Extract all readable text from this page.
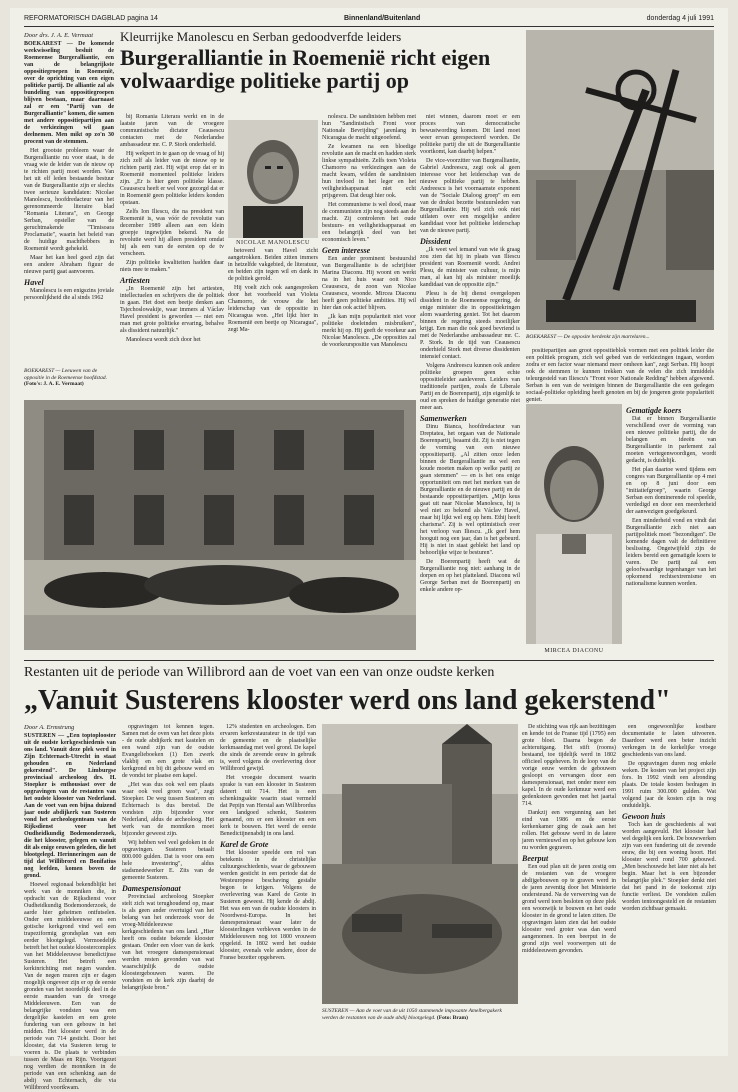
REFORMATORISCH DAGBLAD pagina 14	Binnenland/Buitenland	donderdag 4 juli 1991
Kleurrijke Manolescu en Serban gedoodverfde leiders
Burgeralliantie in Roemenië richt eigen volwaardige politieke partij op
Door drs. J. A. E. Vermaat

BOEKAREST — De komende weekwisseling besluit de Roemeense Burgeralliantie, een van de belangrijkste oppositiegroepen in Roemenië, over de oprichting van een eigen politieke partij. De alliantie zal als bundeling van oppositiegroepen blijven bestaan, maar daarnaast zal er een "Partij van de Burgeralliantie" komen, die samen met andere oppositiepartijen aan de verkiezingen wil gaan deelnemen. Men mikt op zo'n 30 procent van de stemmen.

Het grootste probleem waar de Burgeralliantie nu voor staat, is de vraag wie de leider van de nieuw op te richten partij moet worden. Van het uit elf leden bestaande bestuur van de Burgeralliantie zijn er slechts twee serieuze kandidaten: Nicolae Manolescu, hoofdredacteur van het gerenommeerde literaire blad "Romania Literara", en George Serban, opsteller van de geruchtmakende "Timisoara Proclamatie", waarin het beleid van de huidige machthebbers in Roemenië wordt gehekeld.

Maar het kan heel goed zijn dat een andere Abraham figuur de nieuwe partij gaat aanvoeren.

Havel

Manolescu is een enigszins joviale persoonlijkheid die al sinds 1962

BOEKAREST — Leeuwen van de oppositie in de Roemeense hoofdstad. (Foto's: J. A. E. Vermaat)
NICOLAE MANOLESCU

bij Romania Literara werkt en in de laatste jaren van de vroegere communistische dictator Ceausescu contacten met de Nederlandse ambassadeur mr. C. P. Stork onderhield.

Hij wekpert in te gaan op de vraag of hij zich zelf als leider van de nieuw op te richten partij ziet. Hij wijst erop dat er in Roemenië momenteel politieke leiders zijn. „Er is hier geen politieke klasse. Ceausescu heeft er wel voor gezorgd dat er in Roemenië geen politieke leiders konden opstaan.

Zelfs Ion Iliescu, die na president van Roemenië is, was vóór de revolutie van december 1989 alleen aan een klein groepje ingewijden bekend. Na de revolutie werd hij alleen president omdat hij als een van de eersten op de tv verscheen.

Zijn politieke kwaliteiten hadden daar niets mee te maken."

Artiesten

„In Roemenië zijn het artiesten, intellectuelen en schrijvers die de politiek in gaan. Het doet een beetje denken aan Tsjechoslowakije, waar immers al Václav Havel president is geworden — niet een man met grote politieke ervaring, behalve als dissident natuurlijk."

Manolescu wordt zich door het

betoverd van Havel zicht aangetrokken. Beiden zitten immers in hetzelfde vakgebied, de literatuur, en beiden zijn tegen wil en dank in de politiek gerold.

Hij voelt zich ook aangesproken door het voorbeeld van Violeta Chamorro, de vrouw die het leiderschap van de oppositie in Nicaragua won. „Het lijkt hier in Roemenië een beetje op Nicaragua", zegt Ma-

nolescu. De sandinisten hebben met hun "Sandinistisch Front voor Nationale Bevrijding" jarenlang in Nicaragua de macht uitgeoefend.

Ze kwamen na een bloedige revolutie aan de macht en hadden sterk linkse sympathieën. Zelfs toen Violeta Chamorro na verkiezingen aan de macht kwam, wilden de sandinisten hun invloed in het leger en het veiligheidsapparaat niet echt prijsgeven. Dat deugt hier ook.

Het communisme is wel dood, maar de communisten zijn nog steeds aan de macht. Zij controleren het oude bestuurs- en veiligheidsapparaat en een belangrijk deel van het economisch leven."

Geen interesse

Een ander prominent bestuurslid van Burgeralliantie is de schrijfster Marina Diaconu. Hij woont en werkt na in het huis waar ooit Nico Ceausescu, de zoon van Nicolae Ceausescu, woonde. Mircea Diaconu heeft geen politieke ambities. Hij wil hier dan ook actief blijven.

„Ik kan mijn populariteit niet voor politieke doeleinden misbruiken", merkt hij op. Hij geeft de voorkeur aan Nicolae Manolescu. „De opposities zal de voorkeurspositie van Manolescu

niet winnen, daarom moet er een proces van democratische bewustwording komen. Dit land moet weer ervan gerespecteerd worden. De politieke partij die uit de Burgeralliantie voortkomt, kan daarbij helpen."

De vice-voorzitter van Burgeralliantie, Gabriel Andreescu, zegt ook al geen interesse voor het leiderschap van de nieuwe politieke partij te hebben. Andreescu is het voornaamste exponent van de "Sociale Dialoog groep" en een van de drukst bezette bestuursleden van Burgeralliantie. Hij wil zich ook niet uitlaten over een mogelijke andere kandidaat voor het politieke leiderschap van de nieuwe partij.

Dissident

„Ik weet wel iemand van wie ik graag zou zien dat hij in plaats van Iliescu president van Roemenië wordt. Andrei Plesu, de minister van cultuur, is mijn man, al kan hij als minister moeilijk kandidaat van de oppositie zijn."

Plesu is de bij dienst overgelopen dissident in de Roemeense regering, de enige minister die in oppositiekringen alom waardering geniet. Tot het daarom binnen de regering steeds moeilijker krijgt. Een man die ook goed bevriend is met de Nederlandse ambassadeur mr. C. P. Stork. In de tijd van Ceausescu onderhield Stork met diverse dissidenten intensief contact.

Volgens Andreescu kunnen ook andere politieke groepen geen echte oppositieleider aanleveren. Leiders van traditionele partijen, zoals de Liberale Partij en de Boerenpartij, zijn eigenlijk te oud en spreken de huidige generatie niet meer aan.

Samenwerken

Dinu Bianca, hoofdredacteur van Dreptatea, het orgaan van de Nationale Boerenpartij, beaamt dit. Zij is niet tegen de vorming van een nieuwe oppositiepartij. „Al zitten onze leden binnen de Burgeralliantie nu wel een koude moeten maken op welke partij ze gaan stemmen" — en is het ons enige opportuniteit om met het merken van de Burgeralliantie en de nieuwe partij en de bestaande oppositiepartijen. „Mijn keus gaat uit naar Nicolae Manolescu, hij is wel niet zo bekend als Václav Havel, maar hij lijkt wel erg op hem. Ethij heeft charisma". Zij is wel optimistisch over het verloop van Iliescu. „Ik geef hem hooguit nog een jaar, dan is het gebeurd. Hij is niet in staat geblekt het land op behoorlijke wijze te besturen".

De Boerenpartij heeft wat de Burgeralliantie nog niet: aanhang in de dorpen en op het platteland. Diaconu wil George Serban met de Boerenpartij en enkele andere op-

BOEKAREST — De opposite herdenkt zijn martelaren...
MIRCEA DIACONU

positiepartijen aan groot oppositieblok vormen met een politiek leider die een politiek program, zich wel gebed van de verkiezingen ingaan, worden zodra er een factor waar niemand meer omheen kan", zegt Serban. Hij hoopt ook de stemmen te kunnen trekken van de velen die zich inmiddels teleurgesteld van Iliescu's "Front voor Nationale Redding" hebben afgewend. Serban is een van de weinigen binnen de Burgeralliantie die een gedegen sociaal-politieke opleiding heeft genoten en bij de jongeren grote populariteit geniet.

Gematigde koers

Dat er binnen Burgeralliantie verschillend over de vorming van een nieuwe politieke partij, die de belangen en ideeën van Burgeralliantie in parlement zal moeten vertegenwoordigen, wordt gedacht, is duidelijk.

Het plan daartoe werd tijdens een congres van Burgeralliantie op 4 mei en op 8 juni door een "initiatiefgroep", waarin George Serban een dominerende rol speelde, verdedigd en door een meerderheid der aanwezigen goedgekeurd.

Een minderheid vond en vindt dat Burgeralliantie zich niet aan partijpolitiek moet "bezondigen". De komende dagen valt de definitieve beslissing. Ongetwijfeld zijn de leiders bereid een gematigde koers te varen. De partij zal een geloofwaardige tegenhanger van het opkomend rechtsextremisme en nationalisme kunnen worden.

Restanten uit de periode van Willibrord aan de voet van een van onze oudste kerken
„Vanuit Susterens klooster werd ons land gekerstend"
Door A. Ermstrung

SUSTEREN — „Een toptoplooster uit de oudste kerkgeschiedenis van ons land. Vanuit deze plek werd in Zijn Echternach-Utrecht in staat gehouden en Nederland gekerstend". De Limburgse provinciaal archeoloog drs. H. Stoepker is enthousiast over de opgravingen van de restanten van het oudste klooster van Nederland. Aan de voet van een bijna duizend jaar oude abdijkerk van Susteren vond het archeologenteam van de Rijksdienst voor het Oudheidkundig Bodemonderzoek, die het klooster, gelegen en vanuit dit als enige eeuwen geleden, die het blootgelegd. Herinneringen aan de tijd dat Willibrord en Bonifatius nog leefden, komen boven de grond.

Hoewel regionaal bekendblijkt het werk van de monniken die, in opdracht van de Rijksdienst voor Oudheidkundig Bodemonderzoek, de aarde hier geheimen ontfutselen. Onder een middeleeuwse en een gotische kerkgrond vind wel een trapeziformig grondsplan van een eerder blootgelegd. Vermoedelijk betreft het het oudste kloostercomplex van het Middeleeuwse benedictijnse Susteren. Het betreft een kerkinrichting met negen wanden. Van de negen muren zijn er dagen mogelijk ongeveer zijn er op de eerste gronden van het noordelijk deel in de eerste maanden van de vroege Middeleeuwen. Een van de belangrijke vondsten was een dergelijke kastelen en een grote fundering van een gebouw in het midden. Het klooster werd in de periode van 714 gesticht. Door het klooster, dat via Susteren terug te voeren is. De plaats te verbinden tussen de Maas en Rijn. Voortgezet nog verdien de monniken in de periode van een schenking aan de abdij van Echternach, die via Willibrord voortkwam.

opgravingen tot kennen tegen. Samen met de oven van het deze plots - de oude abdijkerk met kastelen en een wand zijn van de oudste Evangelieboeken (1) Een zwerk vlakbij en een grote vlak en kerkgrond en bij dit gebouw werd en de vondst ter plaatse een kapel.

„Het was dus ook wel een plaats waar ook veel groen was", zegt Stoepker. De weg tussen Susteren en Echternach is dus bereisd. De vondsten zijn bijzonder voor Nederland, aldus de archeoloog. Het werk van de monniken moet bijzonder geweest zijn.

Wij hebben wel veel gedoken in de opgravingen. Susteren betaalt 800.000 gulden. Dat is voor ons een hele investering", aldus stadsmedewerker E. Zits van de gemeente Susteren.

Damespensionaat

Provinciaal archeoloog Stoepker stelt zich wat terughoudend op, maar is als geen ander overtuigd van het belang van het onderzoek voor de vroeg-Middeleeuwse kerkgeschiedenis van ons land. „Hier heeft ons oudste bekende klooster gestaan. Onder een vloer van de kerk van het vroegere damespensionaat werden resten gevonden van wat waarschijnlijk de oudste kloostergebouwen waren. De vondsten en de kerk zijn daarbij de belangrijkste bron."

12% studenten en archeologen. Een ervaren kerkrestaurateur in de tijd van de gemeente en de plaatselijke kerkmaandag met veel grond. De kapel die sinds de zevende eeuw in gebruik is, werd volgens de overlevering door Willibrord gewijd.

Het vroegste document waarin sprake is van een klooster in Susteren dateert uit 714. Het is een schenkingsakte waarin staat vermeld dat Pepijn van Herstal aan Willibrordus een landgoed schenkt, Susteren genaamd, om er een klooster en een kerk te bouwen. Het werd de eerste Benedictijnenabdij in ons land.

Karel de Grote

Het klooster speelde een rol van betekenis in de christelijke cultuurgeschiedenis, waar de gebouwen werden gesticht in een periode dat de Westeuropese beschaving gestalte begon te krijgen. Volgens de overlevering was Karel de Grote in Susteren geweest. Hij kende de abdij. Het was een van de oudste kloosters in Noordwest-Europa. In het damespensionaat waar later de kloosterlingen verbleven werden in de Middeleeuwen nog tot 1800 vrouwen opgeleid. In 1802 werd het oudste klooster, evenals vele andere, door de Franse bezetter opgeheven.

SUSTEREN — Aan de voet van de uit 1050 stammende imposante Amelbergakerk werden de restanten van de oude abdij blootgelegd. (Foto: Bram)

De stichting was rijk aan bezittingen en kende tot de Franse tijd (1795) een grote bloei. Daarna begon de achteruitgang. Het stift (rooms) bestaand, toe tijdelijk werd in 1802 officieel opgeheven. In de loop van de vorige eeuw werden de gebouwen gesloopt en vervangen door een damespensionaat, met onder meer een kapel. In de oude kerkmuur werd een gedenksteen gevonden met het jaartal 714.

Dankzij een vergunning aan het eind van 1986 en de eerste kerkenkamer ging de zaak aan het rollen. Het gebouw werd in de latere jaren vernieuwd en op het gebouw kon nu worden gegraven.

Beerput

Een oud plan uit de jaren zestig om de restanten van de vroegere abdijgebouwen op te graven werd in de jaren zeventig door het Ministerie ondersteund. Na de verwerving van de grond werd toen besloten op deze plek een woonwijk te bouwen en het oude klooster in de grond te laten zitten. De opgravingen laten zien dat het oudste klooster veel groter was dan werd aangenomen. In een beerput in de grond zijn veel voorwerpen uit de middeleeuwen gevonden.

een ongewoonlijke kostbare documentatie te laten uitvoeren. Daardoor werd een beter inzicht verkregen in de kerkelijke vroege geschiedenis van ons land.

De opgravingen duren nog enkele weken. De kosten van het project zijn fors. In 1992 vindt een afronding plaats. De totale kosten bedragen in 1991 ruim 300.000 gulden. Wat volgend jaar de kosten zijn is nog onduidelijk.

Gewoon huis

Toch kan de geschiedenis al wat worden aangevuld. Het klooster had wel degelijk een kerk. De bouwwerken zijn van een fundering uit de zevende eeuw, die bij een woning hoort. Het klooster werd rond 700 gebouwd. „Men beschouwde het later niet als het begin. Maar het is een bijzonder belangrijke plek." Stoepker denkt niet dat het pand in de toekomst zijn functie verliest. De vondsten zullen worden tentoongesteld en de restanten worden zichtbaar gemaakt.
